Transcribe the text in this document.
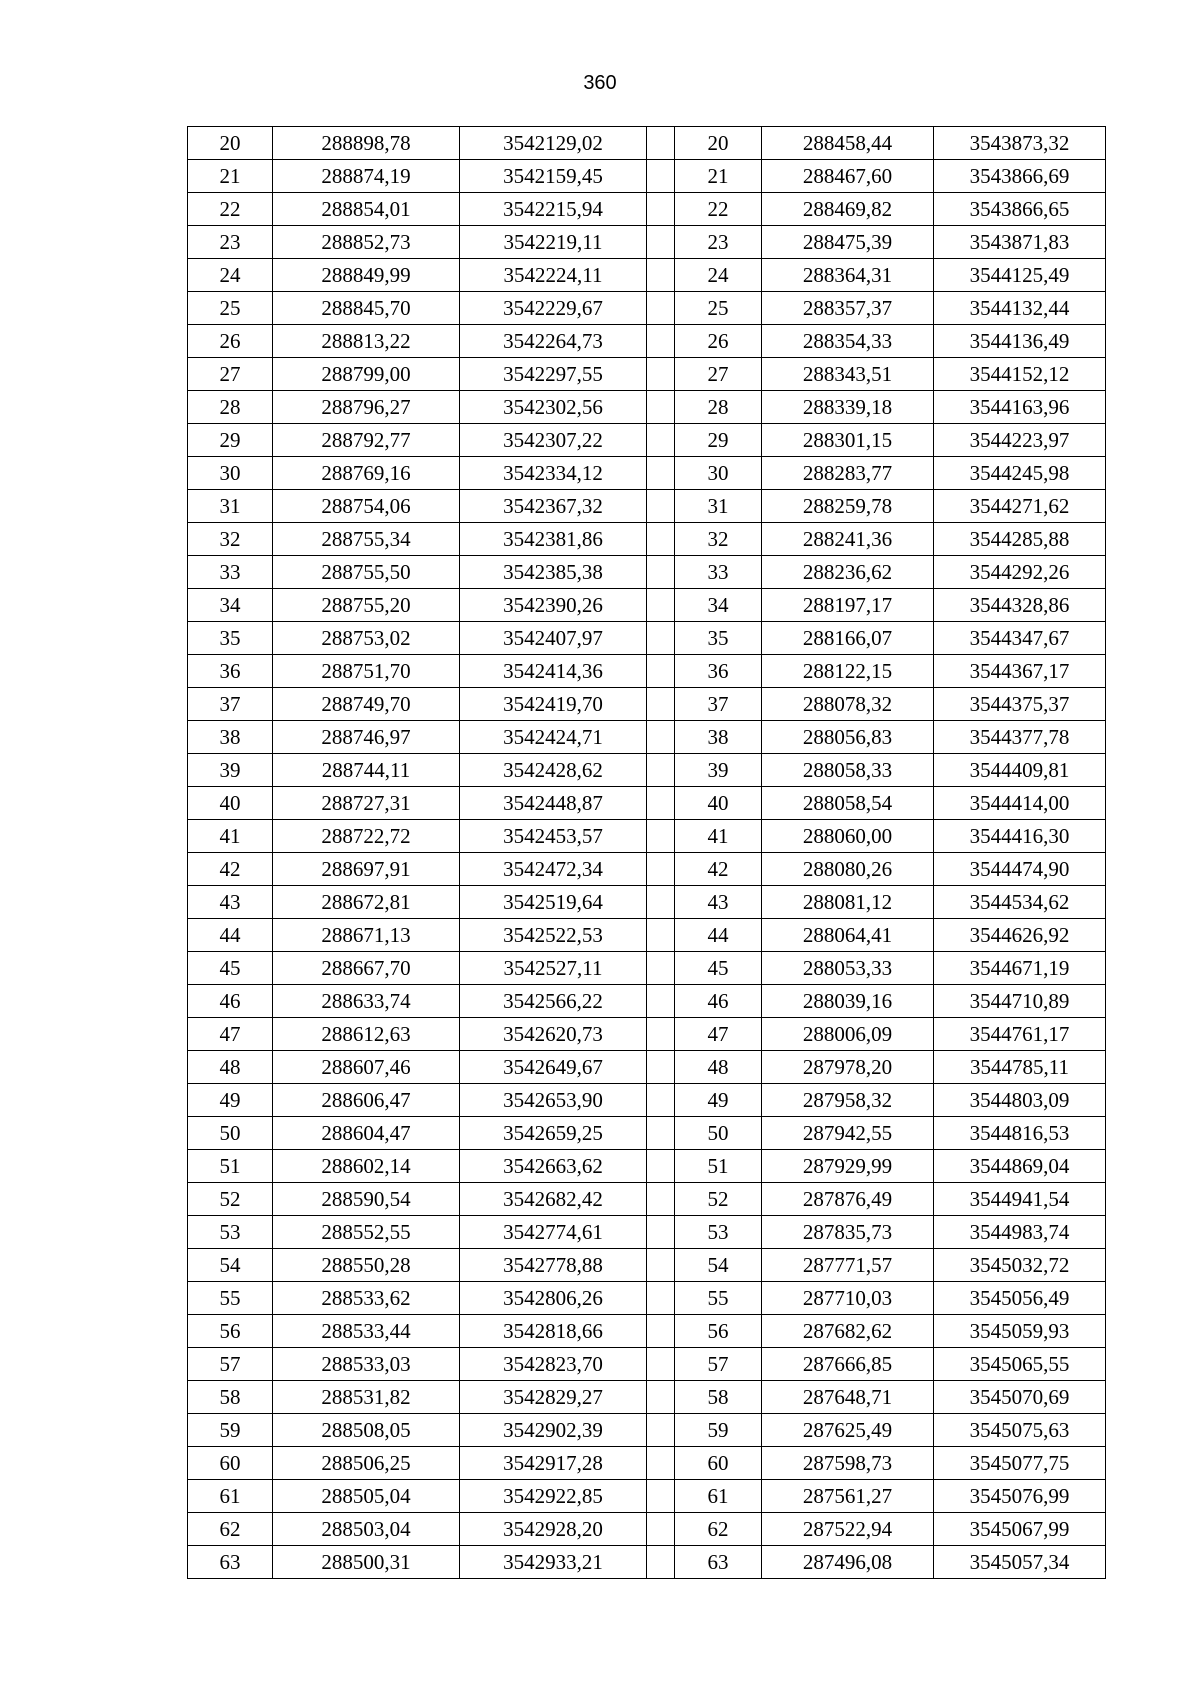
360
20	288898,78	3542129,02		20	288458,44	3543873,32
21	288874,19	3542159,45		21	288467,60	3543866,69
22	288854,01	3542215,94		22	288469,82	3543866,65
23	288852,73	3542219,11		23	288475,39	3543871,83
24	288849,99	3542224,11		24	288364,31	3544125,49
25	288845,70	3542229,67		25	288357,37	3544132,44
26	288813,22	3542264,73		26	288354,33	3544136,49
27	288799,00	3542297,55		27	288343,51	3544152,12
28	288796,27	3542302,56		28	288339,18	3544163,96
29	288792,77	3542307,22		29	288301,15	3544223,97
30	288769,16	3542334,12		30	288283,77	3544245,98
31	288754,06	3542367,32		31	288259,78	3544271,62
32	288755,34	3542381,86		32	288241,36	3544285,88
33	288755,50	3542385,38		33	288236,62	3544292,26
34	288755,20	3542390,26		34	288197,17	3544328,86
35	288753,02	3542407,97		35	288166,07	3544347,67
36	288751,70	3542414,36		36	288122,15	3544367,17
37	288749,70	3542419,70		37	288078,32	3544375,37
38	288746,97	3542424,71		38	288056,83	3544377,78
39	288744,11	3542428,62		39	288058,33	3544409,81
40	288727,31	3542448,87		40	288058,54	3544414,00
41	288722,72	3542453,57		41	288060,00	3544416,30
42	288697,91	3542472,34		42	288080,26	3544474,90
43	288672,81	3542519,64		43	288081,12	3544534,62
44	288671,13	3542522,53		44	288064,41	3544626,92
45	288667,70	3542527,11		45	288053,33	3544671,19
46	288633,74	3542566,22		46	288039,16	3544710,89
47	288612,63	3542620,73		47	288006,09	3544761,17
48	288607,46	3542649,67		48	287978,20	3544785,11
49	288606,47	3542653,90		49	287958,32	3544803,09
50	288604,47	3542659,25		50	287942,55	3544816,53
51	288602,14	3542663,62		51	287929,99	3544869,04
52	288590,54	3542682,42		52	287876,49	3544941,54
53	288552,55	3542774,61		53	287835,73	3544983,74
54	288550,28	3542778,88		54	287771,57	3545032,72
55	288533,62	3542806,26		55	287710,03	3545056,49
56	288533,44	3542818,66		56	287682,62	3545059,93
57	288533,03	3542823,70		57	287666,85	3545065,55
58	288531,82	3542829,27		58	287648,71	3545070,69
59	288508,05	3542902,39		59	287625,49	3545075,63
60	288506,25	3542917,28		60	287598,73	3545077,75
61	288505,04	3542922,85		61	287561,27	3545076,99
62	288503,04	3542928,20		62	287522,94	3545067,99
63	288500,31	3542933,21		63	287496,08	3545057,34
